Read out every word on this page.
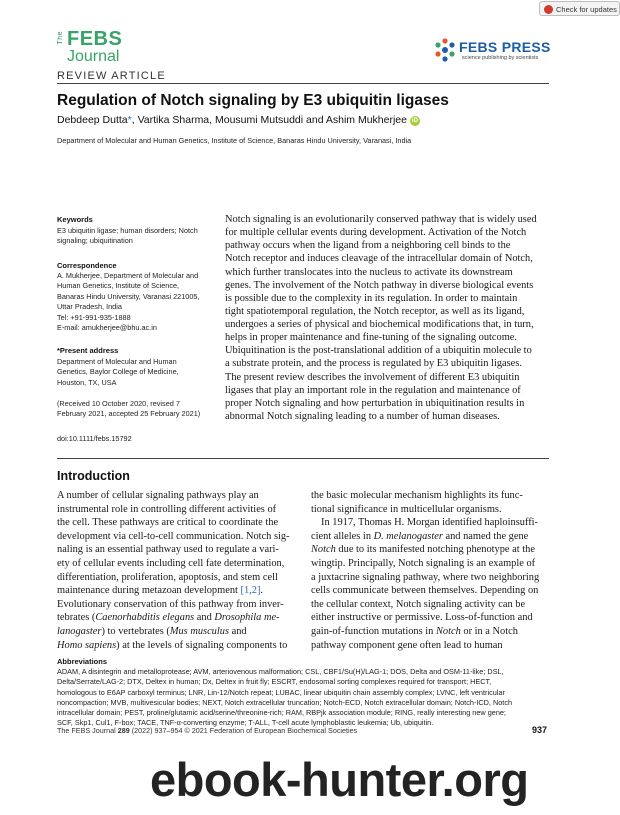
Check for updates
The FEBS
Journal
FEBS PRESS
science publishing by scientists
REVIEW ARTICLE
Regulation of Notch signaling by E3 ubiquitin ligases
Debdeep Dutta*, Vartika Sharma, Mousumi Mutsuddi and Ashim Mukherjee iD
Department of Molecular and Human Genetics, Institute of Science, Banaras Hindu University, Varanasi, India
Keywords
E3 ubiquitin ligase; human disorders; Notch
signaling; ubiquitination
Correspondence
A. Mukherjee, Department of Molecular and
Human Genetics, Institute of Science,
Banaras Hindu University, Varanasi 221005,
Uttar Pradesh, India
Tel: +91-991-935-1888
E-mail: amukherjee@bhu.ac.in
*Present address
Department of Molecular and Human
Genetics, Baylor College of Medicine,
Houston, TX, USA
(Received 10 October 2020, revised 7
February 2021, accepted 25 February 2021)
doi:10.1111/febs.15792
Notch signaling is an evolutionarily conserved pathway that is widely used
for multiple cellular events during development. Activation of the Notch
pathway occurs when the ligand from a neighboring cell binds to the
Notch receptor and induces cleavage of the intracellular domain of Notch,
which further translocates into the nucleus to activate its downstream
genes. The involvement of the Notch pathway in diverse biological events
is possible due to the complexity in its regulation. In order to maintain
tight spatiotemporal regulation, the Notch receptor, as well as its ligand,
undergoes a series of physical and biochemical modifications that, in turn,
helps in proper maintenance and fine-tuning of the signaling outcome.
Ubiquitination is the post-translational addition of a ubiquitin molecule to
a substrate protein, and the process is regulated by E3 ubiquitin ligases.
The present review describes the involvement of different E3 ubiquitin
ligases that play an important role in the regulation and maintenance of
proper Notch signaling and how perturbation in ubiquitination results in
abnormal Notch signaling leading to a number of human diseases.
Introduction
A number of cellular signaling pathways play an
instrumental role in controlling different activities of
the cell. These pathways are critical to coordinate the
development via cell-to-cell communication. Notch sig-
naling is an essential pathway used to regulate a vari-
ety of cellular events including cell fate determination,
differentiation, proliferation, apoptosis, and stem cell
maintenance during metazoan development [1,2].
Evolutionary conservation of this pathway from inver-
tebrates (Caenorhabditis elegans and Drosophila me-
lanogaster) to vertebrates (Mus musculus and
Homo sapiens) at the levels of signaling components to
the basic molecular mechanism highlights its func-
tional significance in multicellular organisms.
In 1917, Thomas H. Morgan identified haploinsuffi-
cient alleles in D. melanogaster and named the gene
Notch due to its manifested notching phenotype at the
wingtip. Principally, Notch signaling is an example of
a juxtacrine signaling pathway, where two neighboring
cells communicate between themselves. Depending on
the cellular context, Notch signaling activity can be
either instructive or permissive. Loss-of-function and
gain-of-function mutations in Notch or in a Notch
pathway component gene often lead to human
Abbreviations
ADAM, A disintegrin and metalloprotease; AVM, arteriovenous malformation; CSL, CBF1/Su(H)/LAG-1; DOS, Delta and OSM-11-like; DSL,
Delta/Serrate/LAG-2; DTX, Deltex in human; Dx, Deltex in fruit fly; ESCRT, endosomal sorting complexes required for transport; HECT,
homologous to E6AP carboxyl terminus; LNR, Lin-12/Notch repeat; LUBAC, linear ubiquitin chain assembly complex; LVNC, left ventricular
noncompaction; MVB, multivesicular bodies; NEXT, Notch extracellular truncation; Notch-ECD, Notch extracellular domain; Notch-ICD, Notch
intracellular domain; PEST, proline/glutamic acid/serine/threonine-rich; RAM, RBPjk association module; RING, really interesting new gene;
SCF, Skp1, Cul1, F-box; TACE, TNF-α-converting enzyme; T-ALL, T-cell acute lymphoblastic leukemia; Ub, ubiquitin.
The FEBS Journal 289 (2022) 937–954 © 2021 Federation of European Biochemical Societies	937
ebook-hunter.org
